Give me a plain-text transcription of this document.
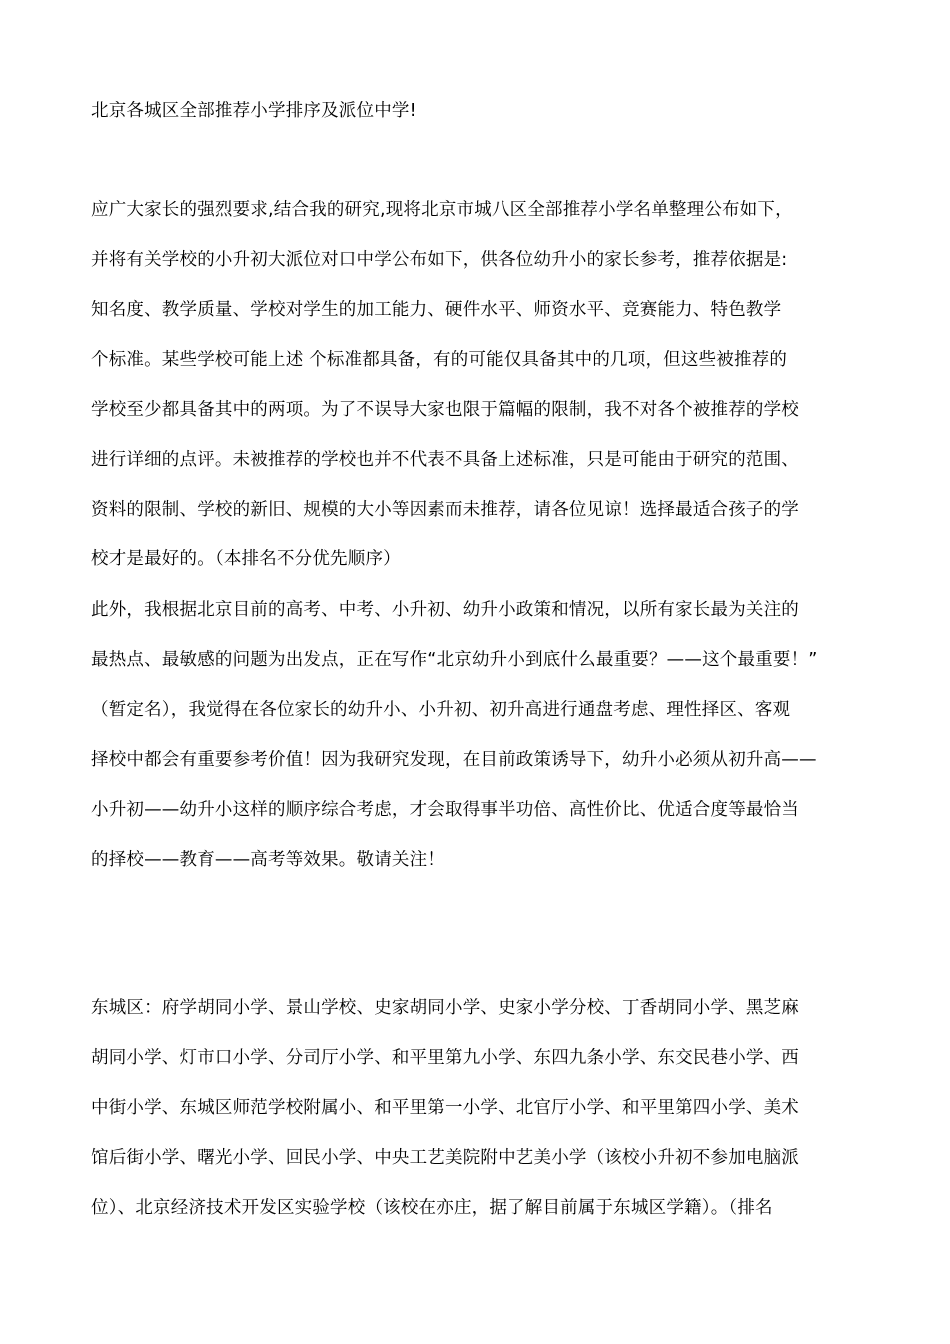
北京各城区全部推荐小学排序及派位中学!
应广大家长的强烈要求,结合我的研究,现将北京市城八区全部推荐小学名单整理公布如下，
并将有关学校的小升初大派位对口中学公布如下，供各位幼升小的家长参考，推荐依据是:
知名度、教学质量、学校对学生的加工能力、硬件水平、师资水平、竞赛能力、特色教学
个标准。某些学校可能上述 个标准都具备，有的可能仅具备其中的几项，但这些被推荐的
学校至少都具备其中的两项。为了不误导大家也限于篇幅的限制，我不对各个被推荐的学校
进行详细的点评。未被推荐的学校也并不代表不具备上述标准，只是可能由于研究的范围、
资料的限制、学校的新旧、规模的大小等因素而未推荐，请各位见谅！选择最适合孩子的学
校才是最好的。（本排名不分优先顺序）
此外，我根据北京目前的高考、中考、小升初、幼升小政策和情况，以所有家长最为关注的
最热点、最敏感的问题为出发点，正在写作“北京幼升小到底什么最重要？——这个最重要！”
（暂定名），我觉得在各位家长的幼升小、小升初、初升高进行通盘考虑、理性择区、客观
择校中都会有重要参考价值！因为我研究发现，在目前政策诱导下，幼升小必须从初升高——
小升初——幼升小这样的顺序综合考虑，才会取得事半功倍、高性价比、优适合度等最恰当
的择校——教育——高考等效果。敬请关注！
东城区：府学胡同小学、景山学校、史家胡同小学、史家小学分校、丁香胡同小学、黑芝麻
胡同小学、灯市口小学、分司厅小学、和平里第九小学、东四九条小学、东交民巷小学、西
中街小学、东城区师范学校附属小、和平里第一小学、北官厅小学、和平里第四小学、美术
馆后街小学、曙光小学、回民小学、中央工艺美院附中艺美小学（该校小升初不参加电脑派
位）、北京经济技术开发区实验学校（该校在亦庄，据了解目前属于东城区学籍）。（排名
